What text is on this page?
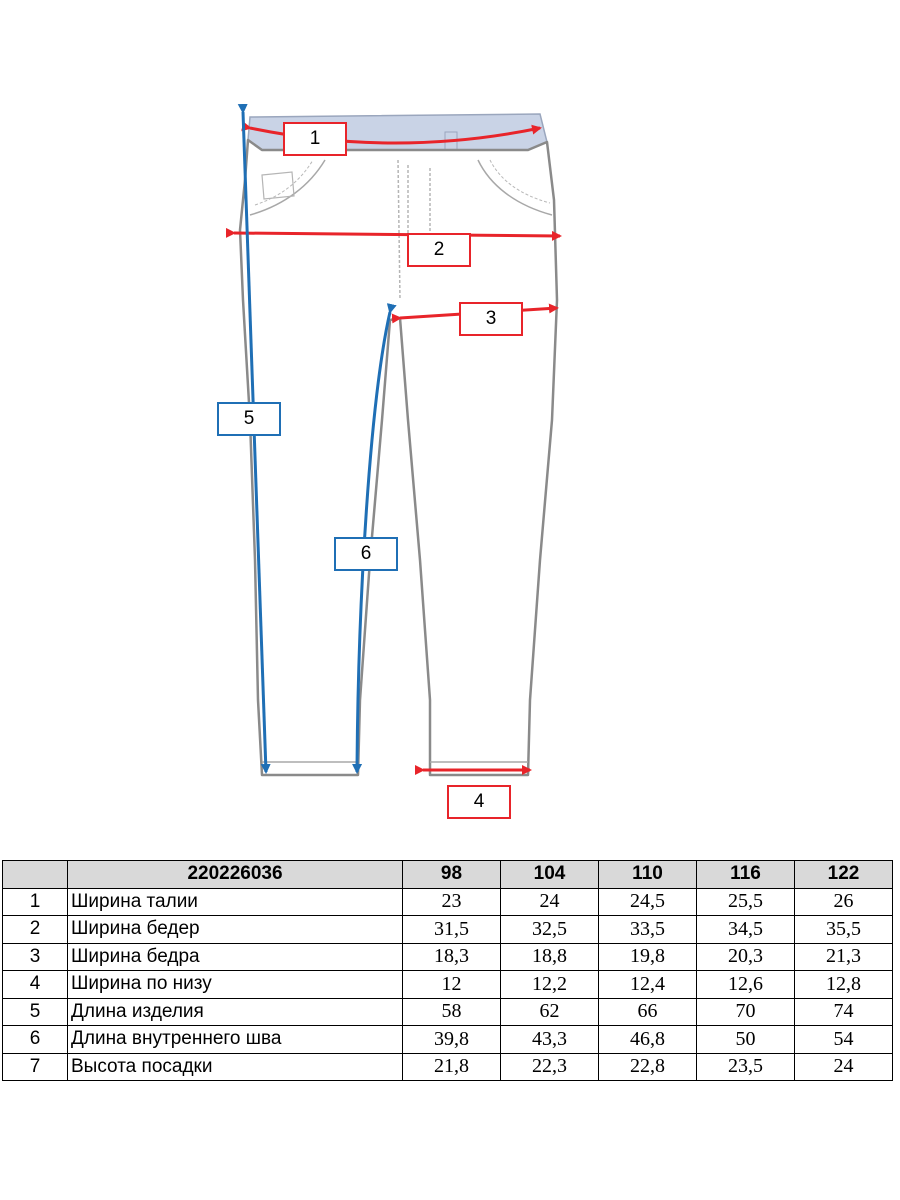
1
2
3
4
5
6
	220226036	98	104	110	116	122
1	Ширина талии	23	24	24,5	25,5	26
2	Ширина бедер	31,5	32,5	33,5	34,5	35,5
3	Ширина бедра	18,3	18,8	19,8	20,3	21,3
4	Ширина по низу	12	12,2	12,4	12,6	12,8
5	Длина изделия	58	62	66	70	74
6	Длина внутреннего шва	39,8	43,3	46,8	50	54
7	Высота посадки	21,8	22,3	22,8	23,5	24
